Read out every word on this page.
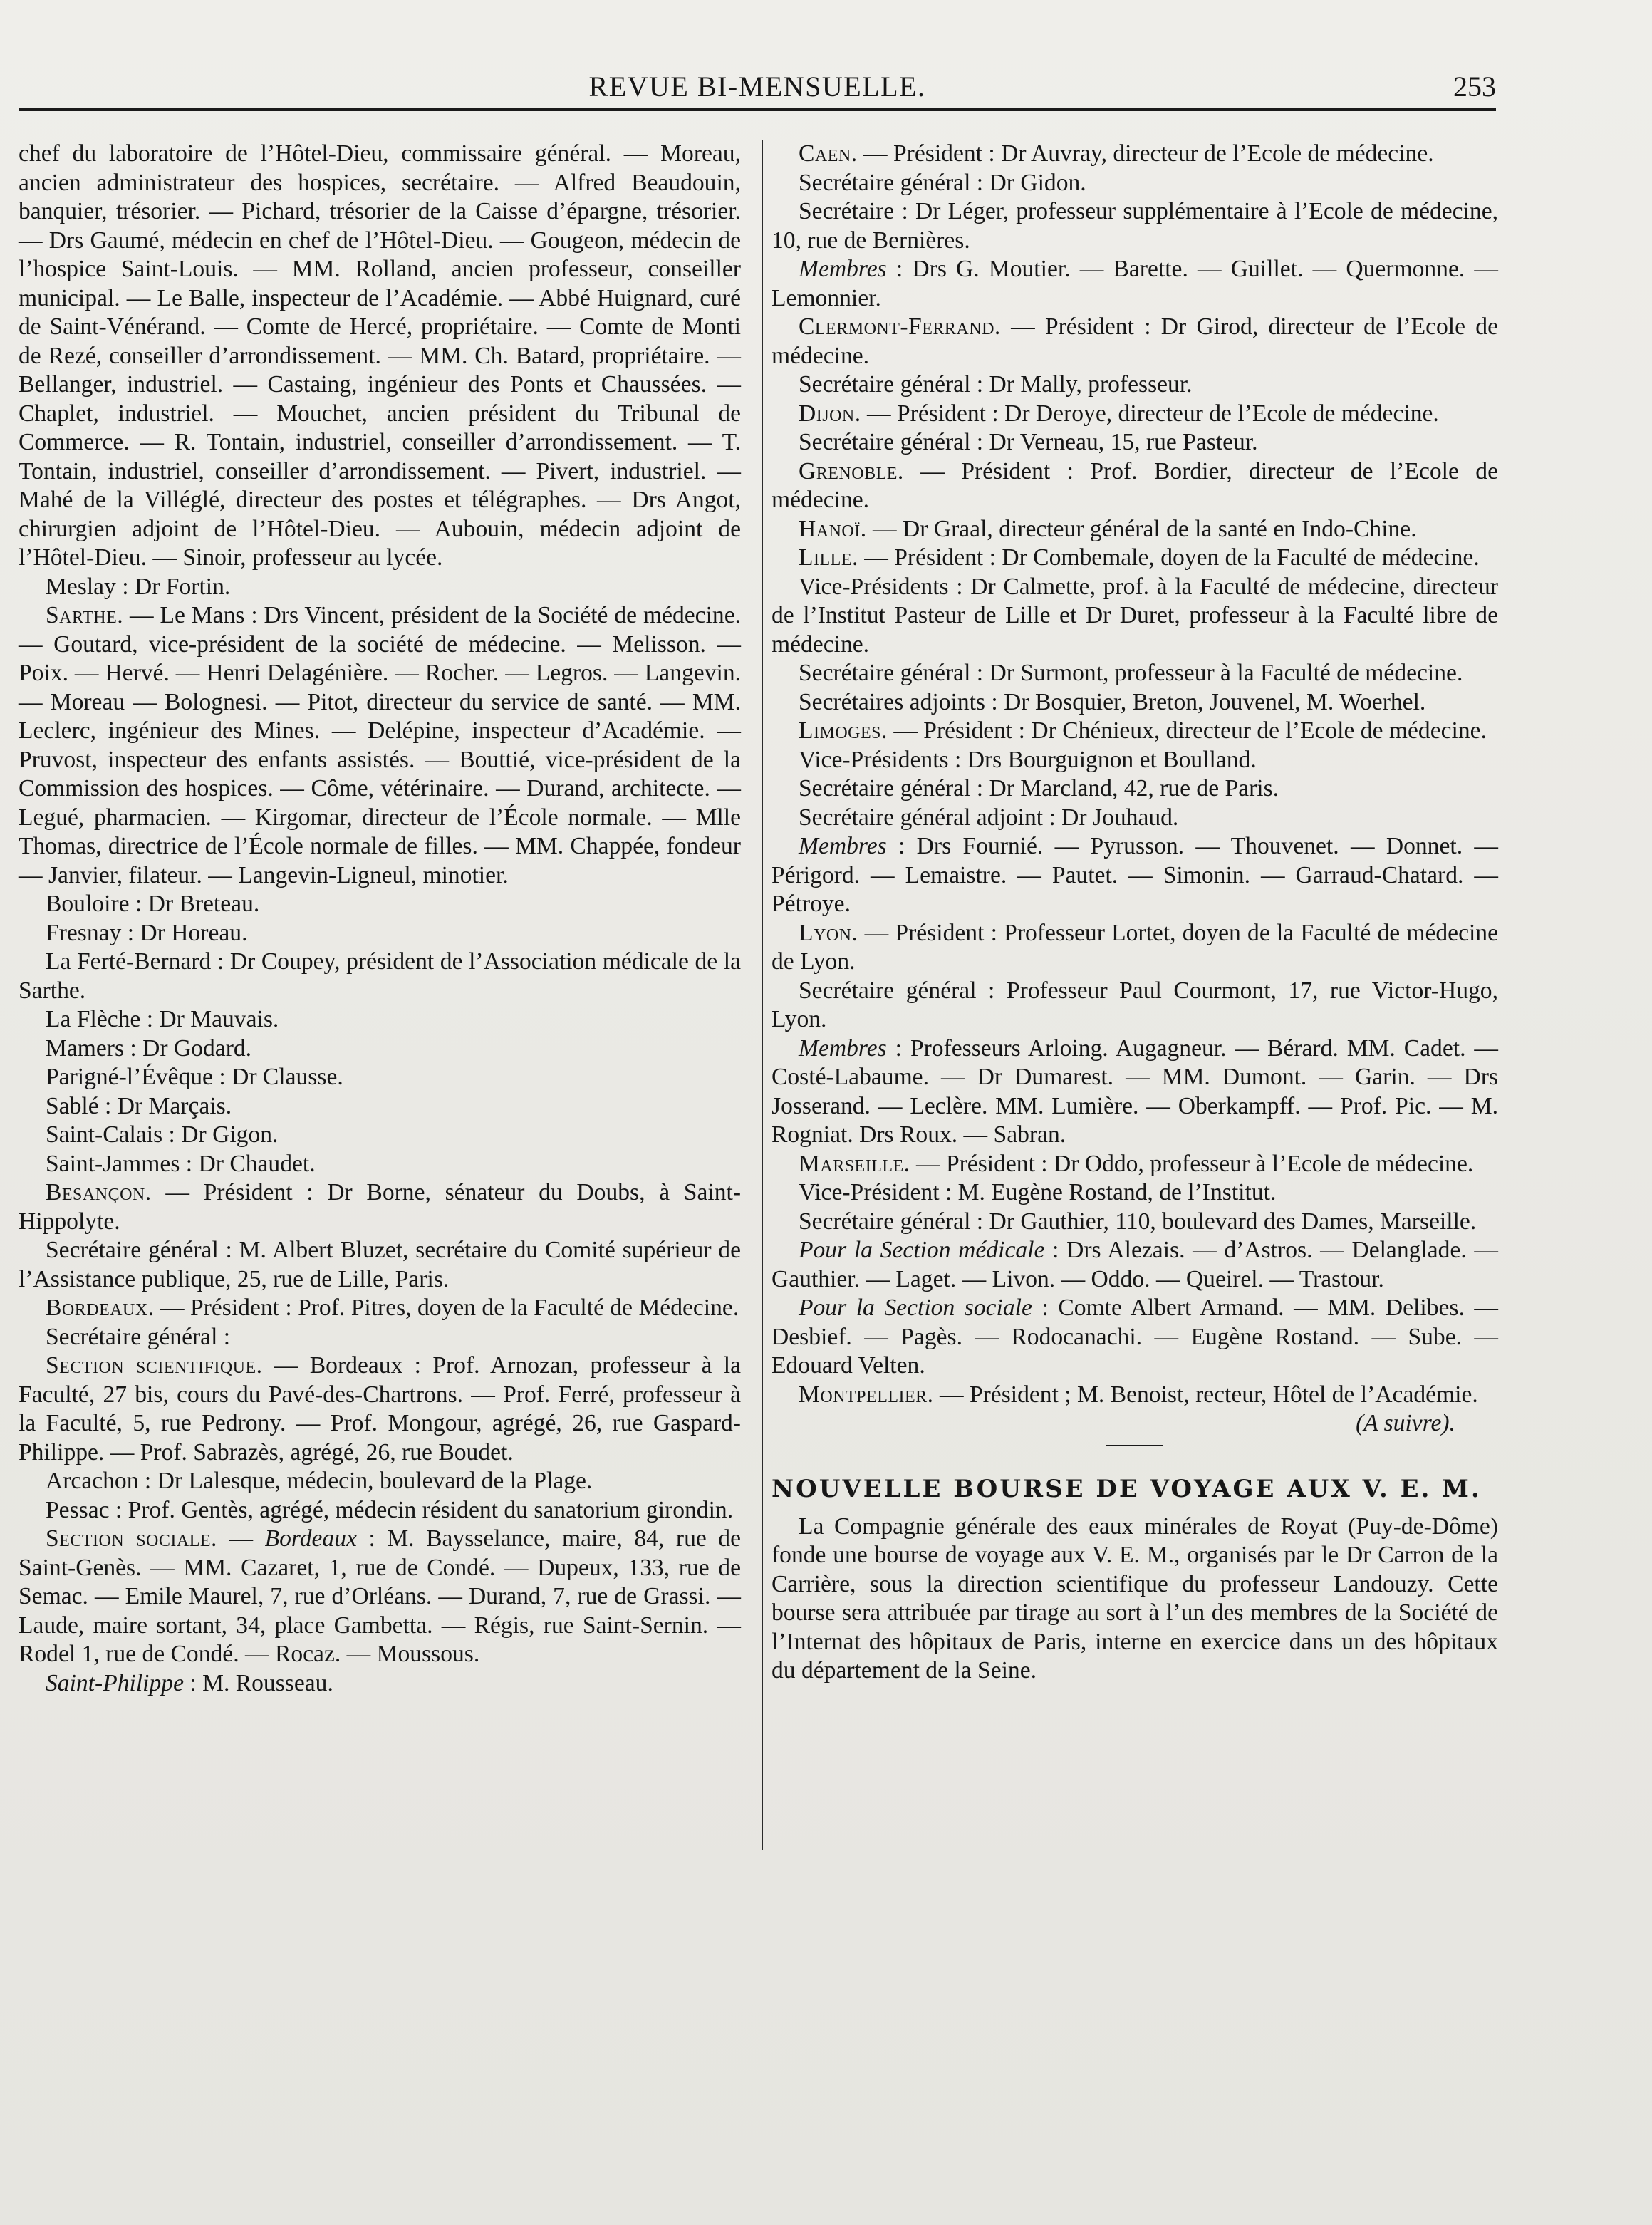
REVUE BI-MENSUELLE.	253

chef du laboratoire de l’Hôtel-Dieu, commissaire général. — Moreau, ancien administrateur des hospices, secrétaire. — Alfred Beaudouin, banquier, trésorier. — Pichard, trésorier de la Caisse d’épargne, trésorier. — Drs Gaumé, médecin en chef de l’Hôtel-Dieu. — Gougeon, médecin de l’hospice Saint-Louis. — MM. Rolland, ancien professeur, conseiller municipal. — Le Balle, inspecteur de l’Académie. — Abbé Huignard, curé de Saint-Vénérand. — Comte de Hercé, propriétaire. — Comte de Monti de Rezé, conseiller d’arrondissement. — MM. Ch. Batard, propriétaire. — Bellanger, industriel. — Castaing, ingénieur des Ponts et Chaussées. — Chaplet, industriel. — Mouchet, ancien président du Tribunal de Commerce. — R. Tontain, industriel, conseiller d’arrondissement. — T. Tontain, industriel, conseiller d’arrondissement. — Pivert, industriel. — Mahé de la Villéglé, directeur des postes et télégraphes. — Drs Angot, chirurgien adjoint de l’Hôtel-Dieu. — Aubouin, médecin adjoint de l’Hôtel-Dieu. — Sinoir, professeur au lycée.

Meslay : Dr Fortin.

Sarthe. — Le Mans : Drs Vincent, président de la Société de médecine. — Goutard, vice-président de la société de médecine. — Melisson. — Poix. — Hervé. — Henri Delagénière. — Rocher. — Legros. — Langevin. — Moreau — Bolognesi. — Pitot, directeur du service de santé. — MM. Leclerc, ingénieur des Mines. — Delépine, inspecteur d’Académie. — Pruvost, inspecteur des enfants assistés. — Bouttié, vice-président de la Commission des hospices. — Côme, vétérinaire. — Durand, architecte. — Legué, pharmacien. — Kirgomar, directeur de l’École normale. — Mlle Thomas, directrice de l’École normale de filles. — MM. Chappée, fondeur — Janvier, filateur. — Langevin-Ligneul, minotier.

Bouloire : Dr Breteau.

Fresnay : Dr Horeau.

La Ferté-Bernard : Dr Coupey, président de l’Association médicale de la Sarthe.

La Flèche : Dr Mauvais.

Mamers : Dr Godard.

Parigné-l’Évêque : Dr Clausse.

Sablé : Dr Marçais.

Saint-Calais : Dr Gigon.

Saint-Jammes : Dr Chaudet.

Besançon. — Président : Dr Borne, sénateur du Doubs, à Saint-Hippolyte.

Secrétaire général : M. Albert Bluzet, secrétaire du Comité supérieur de l’Assistance publique, 25, rue de Lille, Paris.

Bordeaux. — Président : Prof. Pitres, doyen de la Faculté de Médecine.

Secrétaire général :

Section scientifique. — Bordeaux : Prof. Arnozan, professeur à la Faculté, 27 bis, cours du Pavé-des-Chartrons. — Prof. Ferré, professeur à la Faculté, 5, rue Pedrony. — Prof. Mongour, agrégé, 26, rue Gaspard-Philippe. — Prof. Sabrazès, agrégé, 26, rue Boudet.

Arcachon : Dr Lalesque, médecin, boulevard de la Plage.

Pessac : Prof. Gentès, agrégé, médecin résident du sanatorium girondin.

Section sociale. — Bordeaux : M. Baysselance, maire, 84, rue de Saint-Genès. — MM. Cazaret, 1, rue de Condé. — Dupeux, 133, rue de Semac. — Emile Maurel, 7, rue d’Orléans. — Durand, 7, rue de Grassi. — Laude, maire sortant, 34, place Gambetta. — Régis, rue Saint-Sernin. — Rodel 1, rue de Condé. — Rocaz. — Moussous.

Saint-Philippe : M. Rousseau.

Caen. — Président : Dr Auvray, directeur de l’Ecole de médecine.

Secrétaire général : Dr Gidon.

Secrétaire : Dr Léger, professeur supplémentaire à l’Ecole de médecine, 10, rue de Bernières.

Membres : Drs G. Moutier. — Barette. — Guillet. — Quermonne. — Lemonnier.

Clermont-Ferrand. — Président : Dr Girod, directeur de l’Ecole de médecine.

Secrétaire général : Dr Mally, professeur.

Dijon. — Président : Dr Deroye, directeur de l’Ecole de médecine.

Secrétaire général : Dr Verneau, 15, rue Pasteur.

Grenoble. — Président : Prof. Bordier, directeur de l’Ecole de médecine.

Hanoï. — Dr Graal, directeur général de la santé en Indo-Chine.

Lille. — Président : Dr Combemale, doyen de la Faculté de médecine.

Vice-Présidents : Dr Calmette, prof. à la Faculté de médecine, directeur de l’Institut Pasteur de Lille et Dr Duret, professeur à la Faculté libre de médecine.

Secrétaire général : Dr Surmont, professeur à la Faculté de médecine.

Secrétaires adjoints : Dr Bosquier, Breton, Jouvenel, M. Woerhel.

Limoges. — Président : Dr Chénieux, directeur de l’Ecole de médecine.

Vice-Présidents : Drs Bourguignon et Boulland.

Secrétaire général : Dr Marcland, 42, rue de Paris.

Secrétaire général adjoint : Dr Jouhaud.

Membres : Drs Fournié. — Pyrusson. — Thouvenet. — Donnet. — Périgord. — Lemaistre. — Pautet. — Simonin. — Garraud-Chatard. — Pétroye.

Lyon. — Président : Professeur Lortet, doyen de la Faculté de médecine de Lyon.

Secrétaire général : Professeur Paul Courmont, 17, rue Victor-Hugo, Lyon.

Membres : Professeurs Arloing. Augagneur. — Bérard. MM. Cadet. — Costé-Labaume. — Dr Dumarest. — MM. Dumont. — Garin. — Drs Josserand. — Leclère. MM. Lumière. — Oberkampff. — Prof. Pic. — M. Rogniat. Drs Roux. — Sabran.

Marseille. — Président : Dr Oddo, professeur à l’Ecole de médecine.

Vice-Président : M. Eugène Rostand, de l’Institut.

Secrétaire général : Dr Gauthier, 110, boulevard des Dames, Marseille.

Pour la Section médicale : Drs Alezais. — d’Astros. — Delanglade. — Gauthier. — Laget. — Livon. — Oddo. — Queirel. — Trastour.

Pour la Section sociale : Comte Albert Armand. — MM. Delibes. — Desbief. — Pagès. — Rodocanachi. — Eugène Rostand. — Sube. — Edouard Velten.

Montpellier. — Président ; M. Benoist, recteur, Hôtel de l’Académie.
(A suivre).

NOUVELLE BOURSE DE VOYAGE AUX V. E. M.

La Compagnie générale des eaux minérales de Royat (Puy-de-Dôme) fonde une bourse de voyage aux V. E. M., organisés par le Dr Carron de la Carrière, sous la direction scientifique du professeur Landouzy. Cette bourse sera attribuée par tirage au sort à l’un des membres de la Société de l’Internat des hôpitaux de Paris, interne en exercice dans un des hôpitaux du département de la Seine.
